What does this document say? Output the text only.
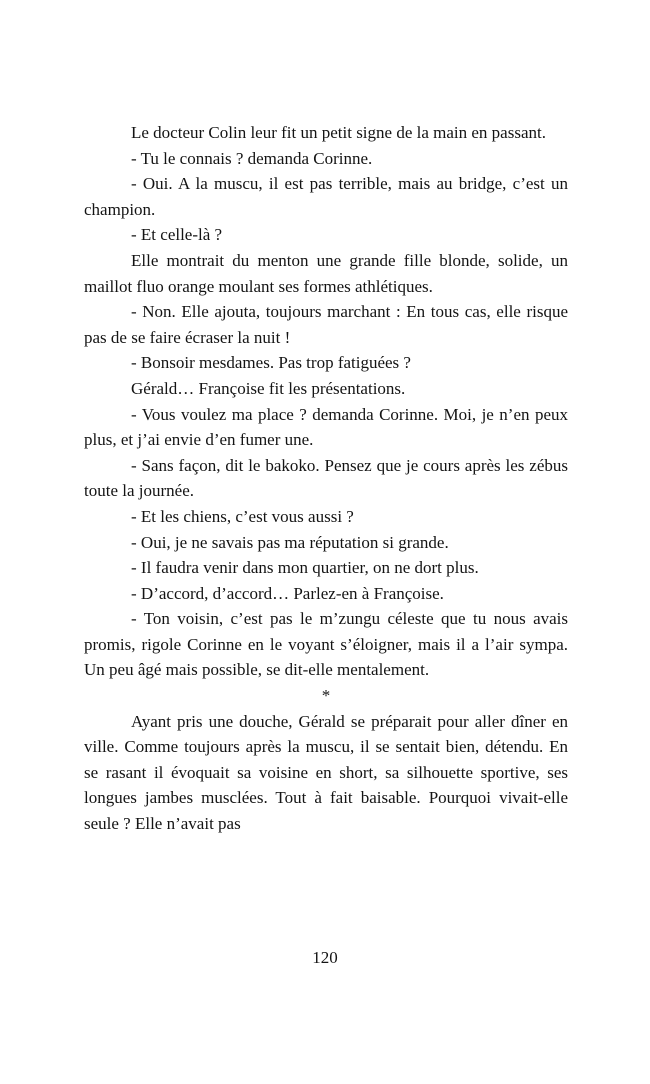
Le docteur Colin leur fit un petit signe de la main en passant.

- Tu le connais ? demanda Corinne.

- Oui. A la muscu, il est pas terrible, mais au bridge, c’est un champion.

- Et celle-là ?

Elle montrait du menton une grande fille blonde, solide, un maillot fluo orange moulant ses formes athlétiques.

- Non. Elle ajouta, toujours marchant : En tous cas, elle risque pas de se faire écraser la nuit !

- Bonsoir mesdames. Pas trop fatiguées ?

Gérald… Françoise fit les présentations.

- Vous voulez ma place ? demanda Corinne. Moi, je n’en peux plus, et j’ai envie d’en fumer une.

- Sans façon, dit le bakoko. Pensez que je cours après les zébus toute la journée.

- Et les chiens, c’est vous aussi ?

- Oui, je ne savais pas ma réputation si grande.

- Il faudra venir dans mon quartier, on ne dort plus.

- D’accord, d’accord… Parlez-en à Françoise.

- Ton voisin, c’est pas le m’zungu céleste que tu nous avais promis, rigole Corinne en le voyant s’éloigner, mais il a l’air sympa. Un peu âgé mais possible, se dit-elle mentalement.

*

Ayant pris une douche, Gérald se préparait pour aller dîner en ville. Comme toujours après la muscu, il se sentait bien, détendu. En se rasant il évoquait sa voisine en short, sa silhouette sportive, ses longues jambes musclées. Tout à fait baisable. Pourquoi vivait-elle seule ? Elle n’avait pas

120
